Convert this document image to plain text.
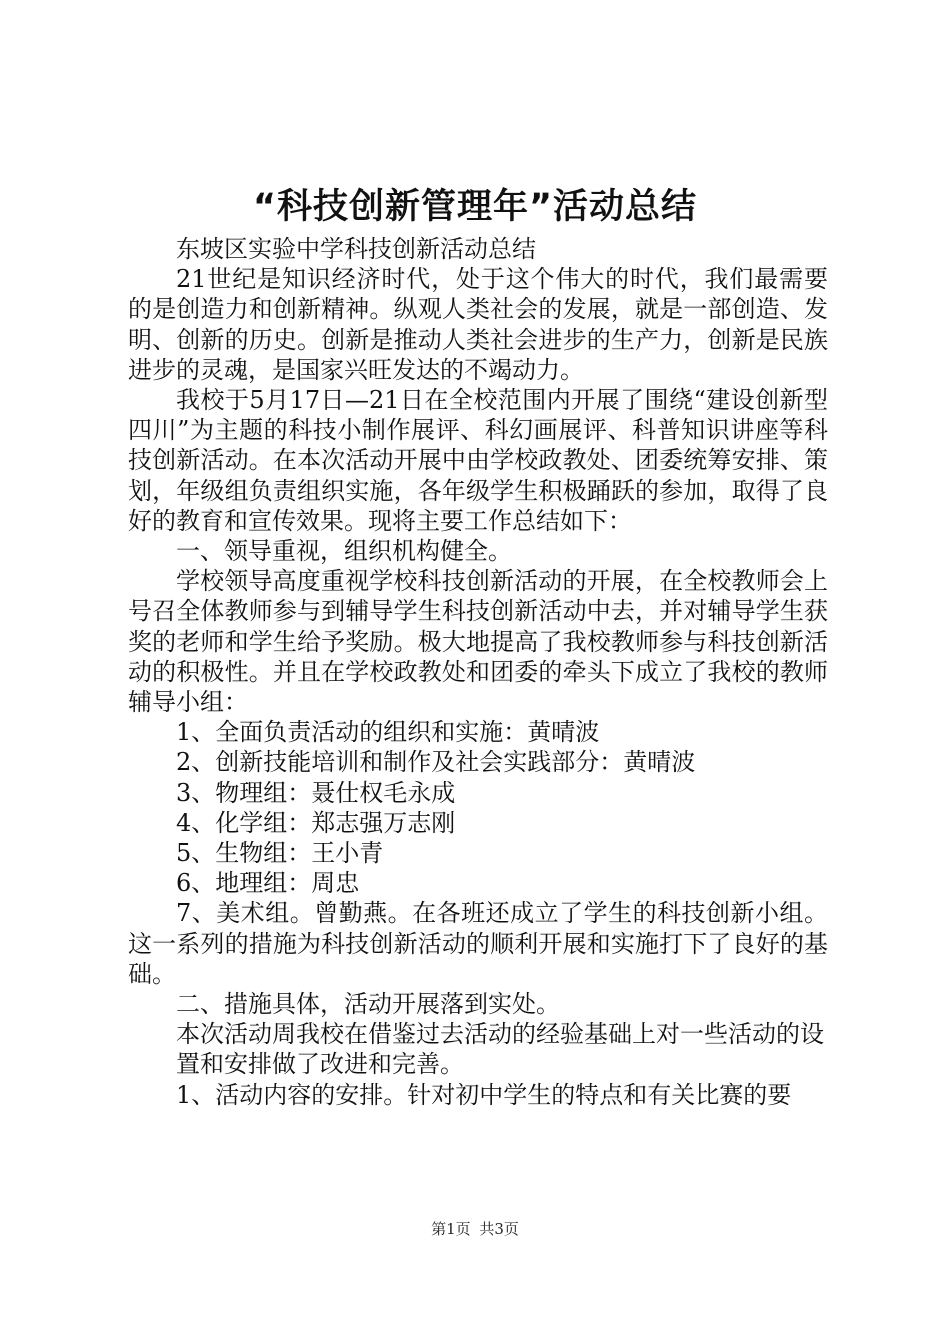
“科技创新管理年”活动总结

东坡区实验中学科技创新活动总结

21世纪是知识经济时代，处于这个伟大的时代，我们最需要的是创造力和创新精神。纵观人类社会的发展，就是一部创造、发明、创新的历史。创新是推动人类社会进步的生产力，创新是民族进步的灵魂，是国家兴旺发达的不竭动力。

我校于5月17日—21日在全校范围内开展了围绕“建设创新型四川”为主题的科技小制作展评、科幻画展评、科普知识讲座等科技创新活动。在本次活动开展中由学校政教处、团委统筹安排、策划，年级组负责组织实施，各年级学生积极踊跃的参加，取得了良好的教育和宣传效果。现将主要工作总结如下：

一、领导重视，组织机构健全。

学校领导高度重视学校科技创新活动的开展，在全校教师会上号召全体教师参与到辅导学生科技创新活动中去，并对辅导学生获奖的老师和学生给予奖励。极大地提高了我校教师参与科技创新活动的积极性。并且在学校政教处和团委的牵头下成立了我校的教师辅导小组：

1、全面负责活动的组织和实施：黄晴波

2、创新技能培训和制作及社会实践部分：黄晴波

3、物理组：聂仕权毛永成

4、化学组：郑志强万志刚

5、生物组：王小青

6、地理组：周忠

7、美术组。曾勤燕。在各班还成立了学生的科技创新小组。这一系列的措施为科技创新活动的顺利开展和实施打下了良好的基础。

二、措施具体，活动开展落到实处。

本次活动周我校在借鉴过去活动的经验基础上对一些活动的设

置和安排做了改进和完善。

1、活动内容的安排。针对初中学生的特点和有关比赛的要

第1页 共3页
